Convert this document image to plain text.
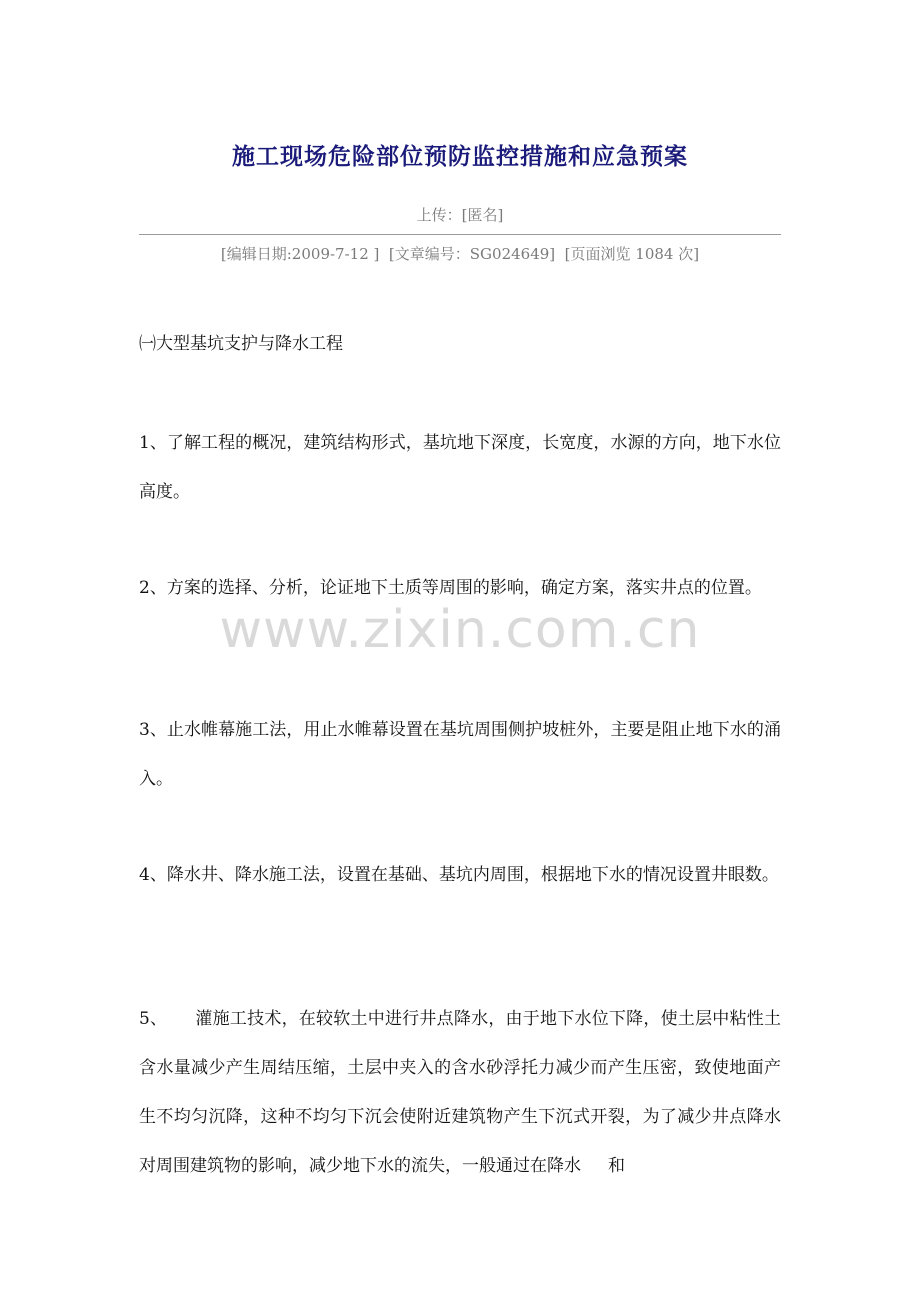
施工现场危险部位预防监控措施和应急预案
上传：[匿名]
[编辑日期:2009-7-12 ]  [文章编号：SG024649]  [页面浏览 1084 次]
www.zixin.com.cn
㈠大型基坑支护与降水工程
1、了解工程的概况，建筑结构形式，基坑地下深度，长宽度，水源的方向，地下水位高度。
2、方案的选择、分析，论证地下土质等周围的影响，确定方案，落实井点的位置。
3、止水帷幕施工法，用止水帷幕设置在基坑周围侧护坡桩外，主要是阻止地下水的涌入。
4、降水井、降水施工法，设置在基础、基坑内周围，根据地下水的情况设置井眼数。
5、     灌施工技术，在较软土中进行井点降水，由于地下水位下降，使土层中粘性土含水量减少产生周结压缩，土层中夹入的含水砂浮托力减少而产生压密，致使地面产生不均匀沉降，这种不均匀下沉会使附近建筑物产生下沉式开裂，为了减少井点降水对周围建筑物的影响，减少地下水的流失，一般通过在降水     和
